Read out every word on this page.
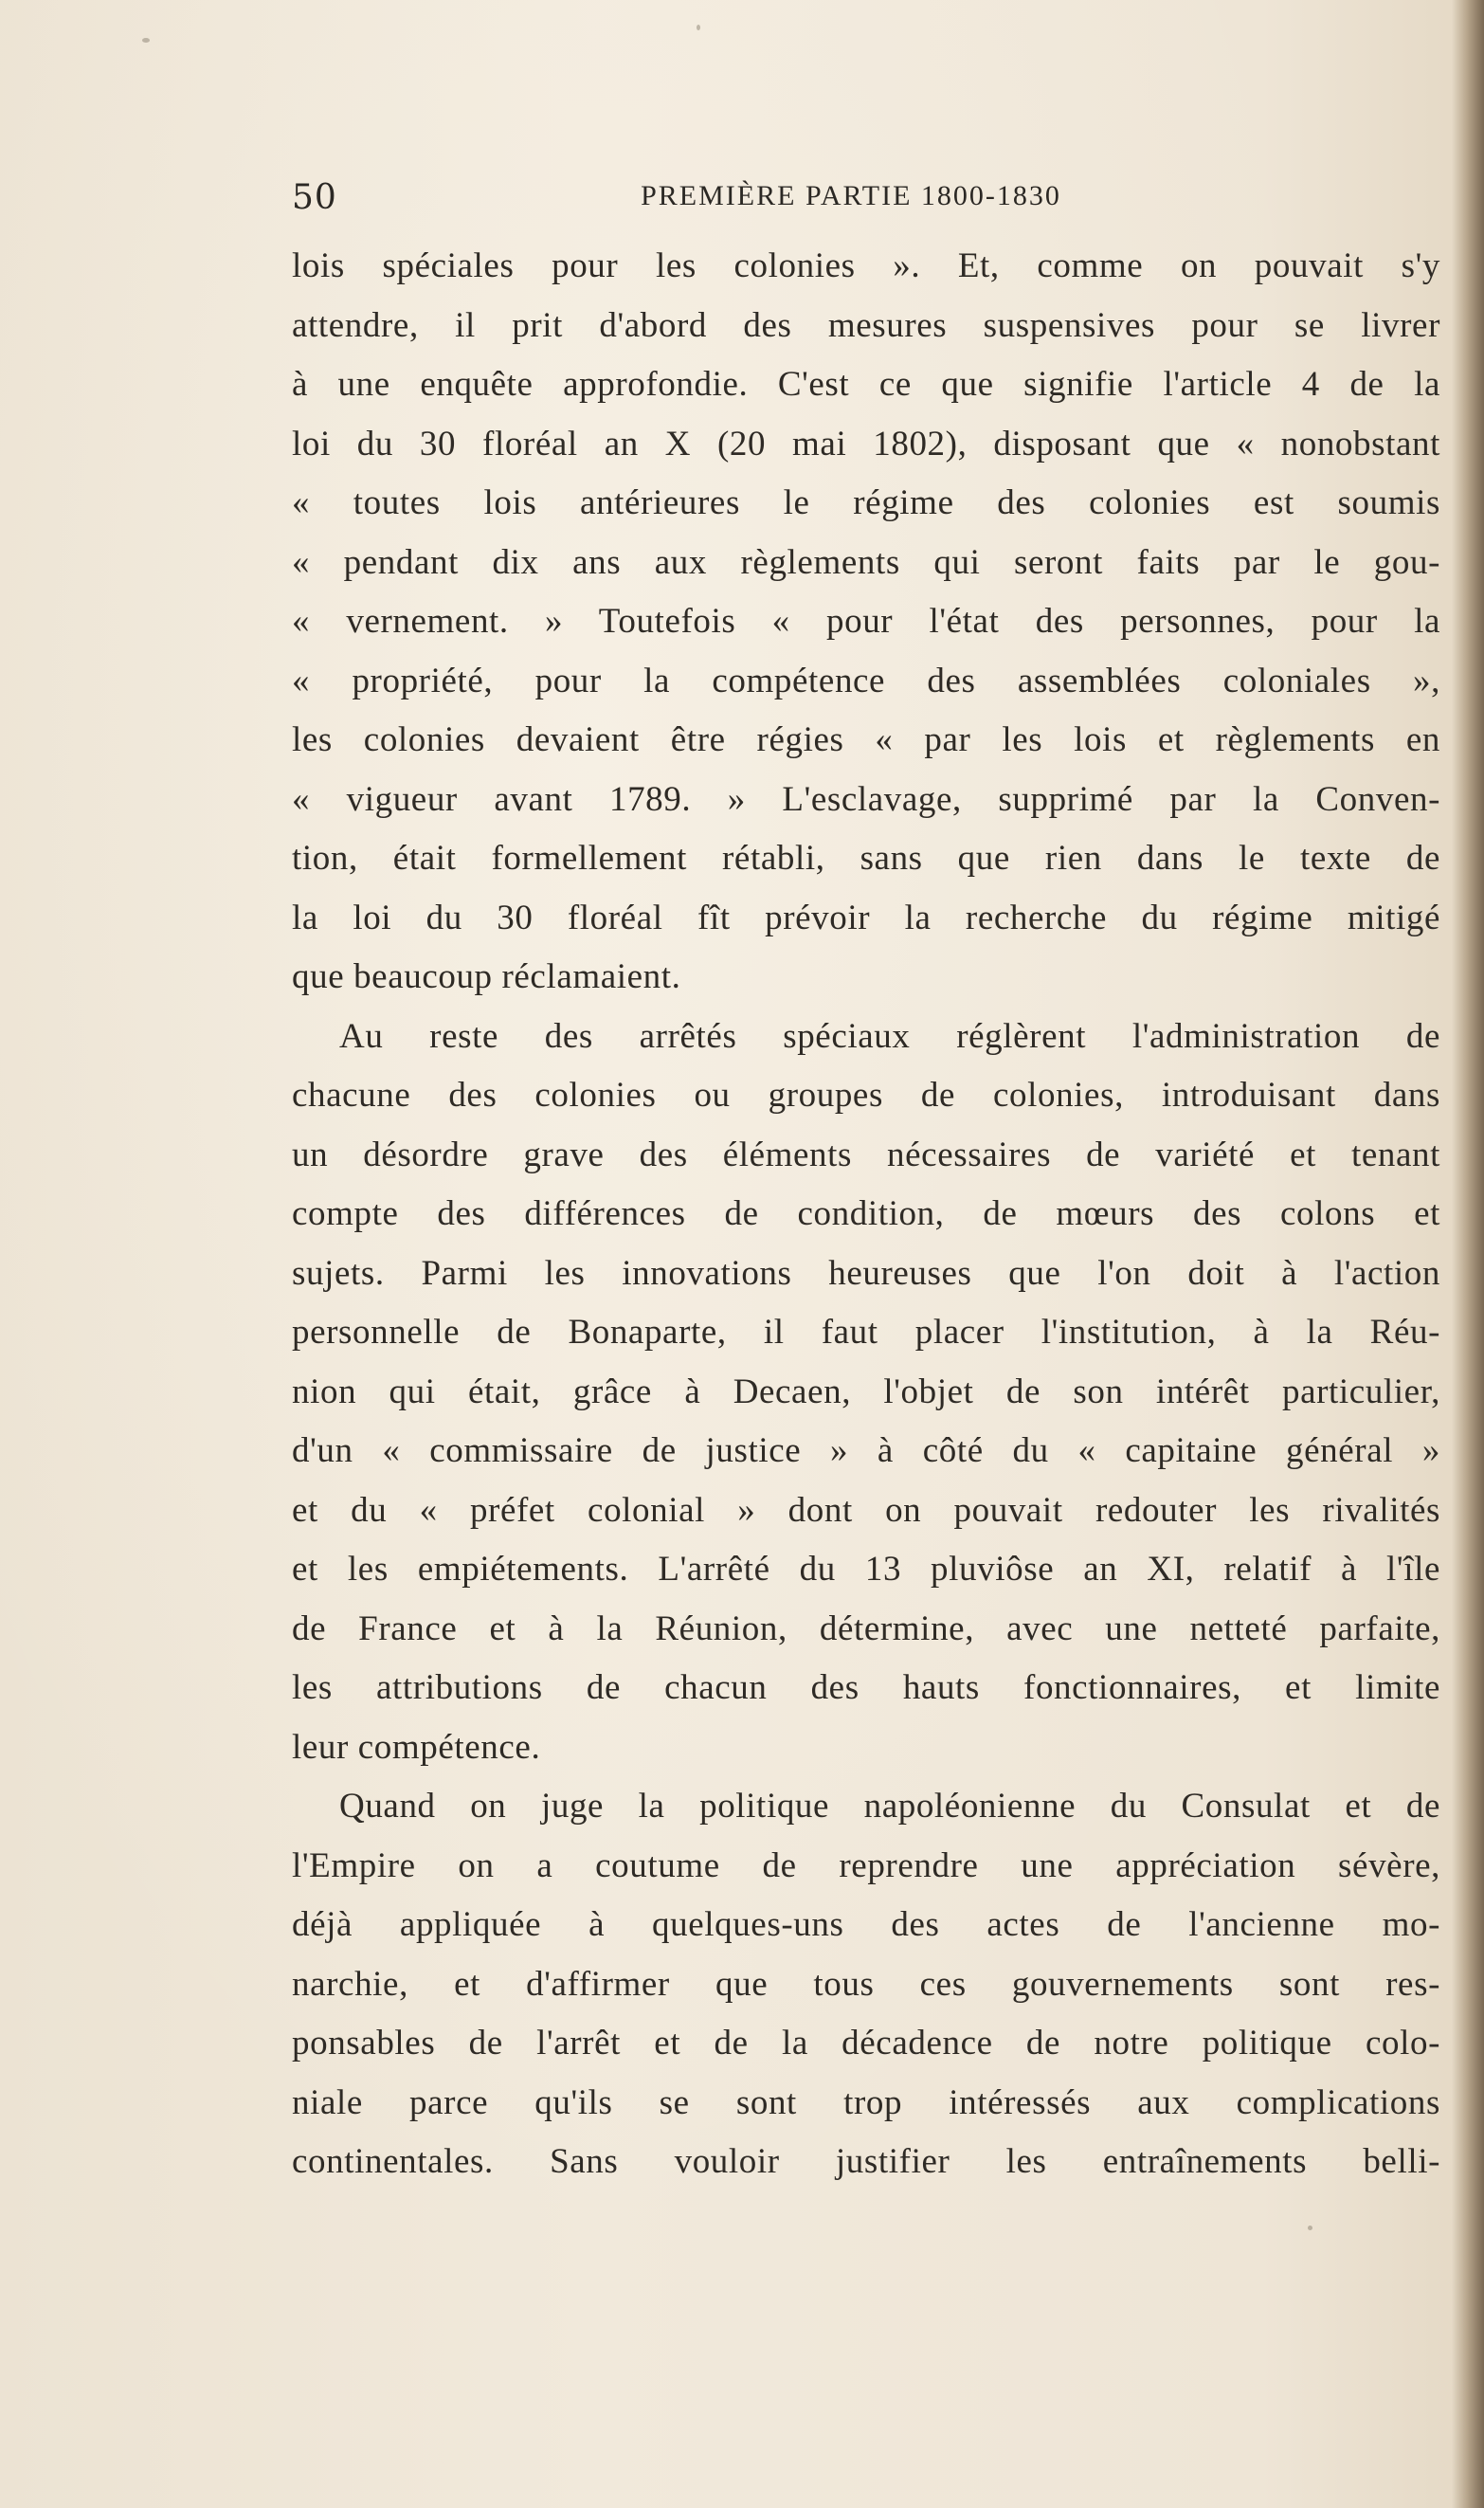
50	PREMIÈRE PARTIE 1800-1830
lois spéciales pour les colonies ». Et, comme on pouvait s'y
attendre, il prit d'abord des mesures suspensives pour se livrer
à une enquête approfondie. C'est ce que signifie l'article 4 de la
loi du 30 floréal an X (20 mai 1802), disposant que « nonobstant
« toutes lois antérieures le régime des colonies est soumis
« pendant dix ans aux règlements qui seront faits par le gou-
« vernement. » Toutefois « pour l'état des personnes, pour la
« propriété, pour la compétence des assemblées coloniales »,
les colonies devaient être régies « par les lois et règlements en
« vigueur avant 1789. » L'esclavage, supprimé par la Conven-
tion, était formellement rétabli, sans que rien dans le texte de
la loi du 30 floréal fît prévoir la recherche du régime mitigé
que beaucoup réclamaient.
Au reste des arrêtés spéciaux réglèrent l'administration de
chacune des colonies ou groupes de colonies, introduisant dans
un désordre grave des éléments nécessaires de variété et tenant
compte des différences de condition, de mœurs des colons et
sujets. Parmi les innovations heureuses que l'on doit à l'action
personnelle de Bonaparte, il faut placer l'institution, à la Réu-
nion qui était, grâce à Decaen, l'objet de son intérêt particulier,
d'un « commissaire de justice » à côté du « capitaine général »
et du « préfet colonial » dont on pouvait redouter les rivalités
et les empiétements. L'arrêté du 13 pluviôse an XI, relatif à l'île
de France et à la Réunion, détermine, avec une netteté parfaite,
les attributions de chacun des hauts fonctionnaires, et limite
leur compétence.
Quand on juge la politique napoléonienne du Consulat et de
l'Empire on a coutume de reprendre une appréciation sévère,
déjà appliquée à quelques-uns des actes de l'ancienne mo-
narchie, et d'affirmer que tous ces gouvernements sont res-
ponsables de l'arrêt et de la décadence de notre politique colo-
niale parce qu'ils se sont trop intéressés aux complications
continentales. Sans vouloir justifier les entraînements belli-
